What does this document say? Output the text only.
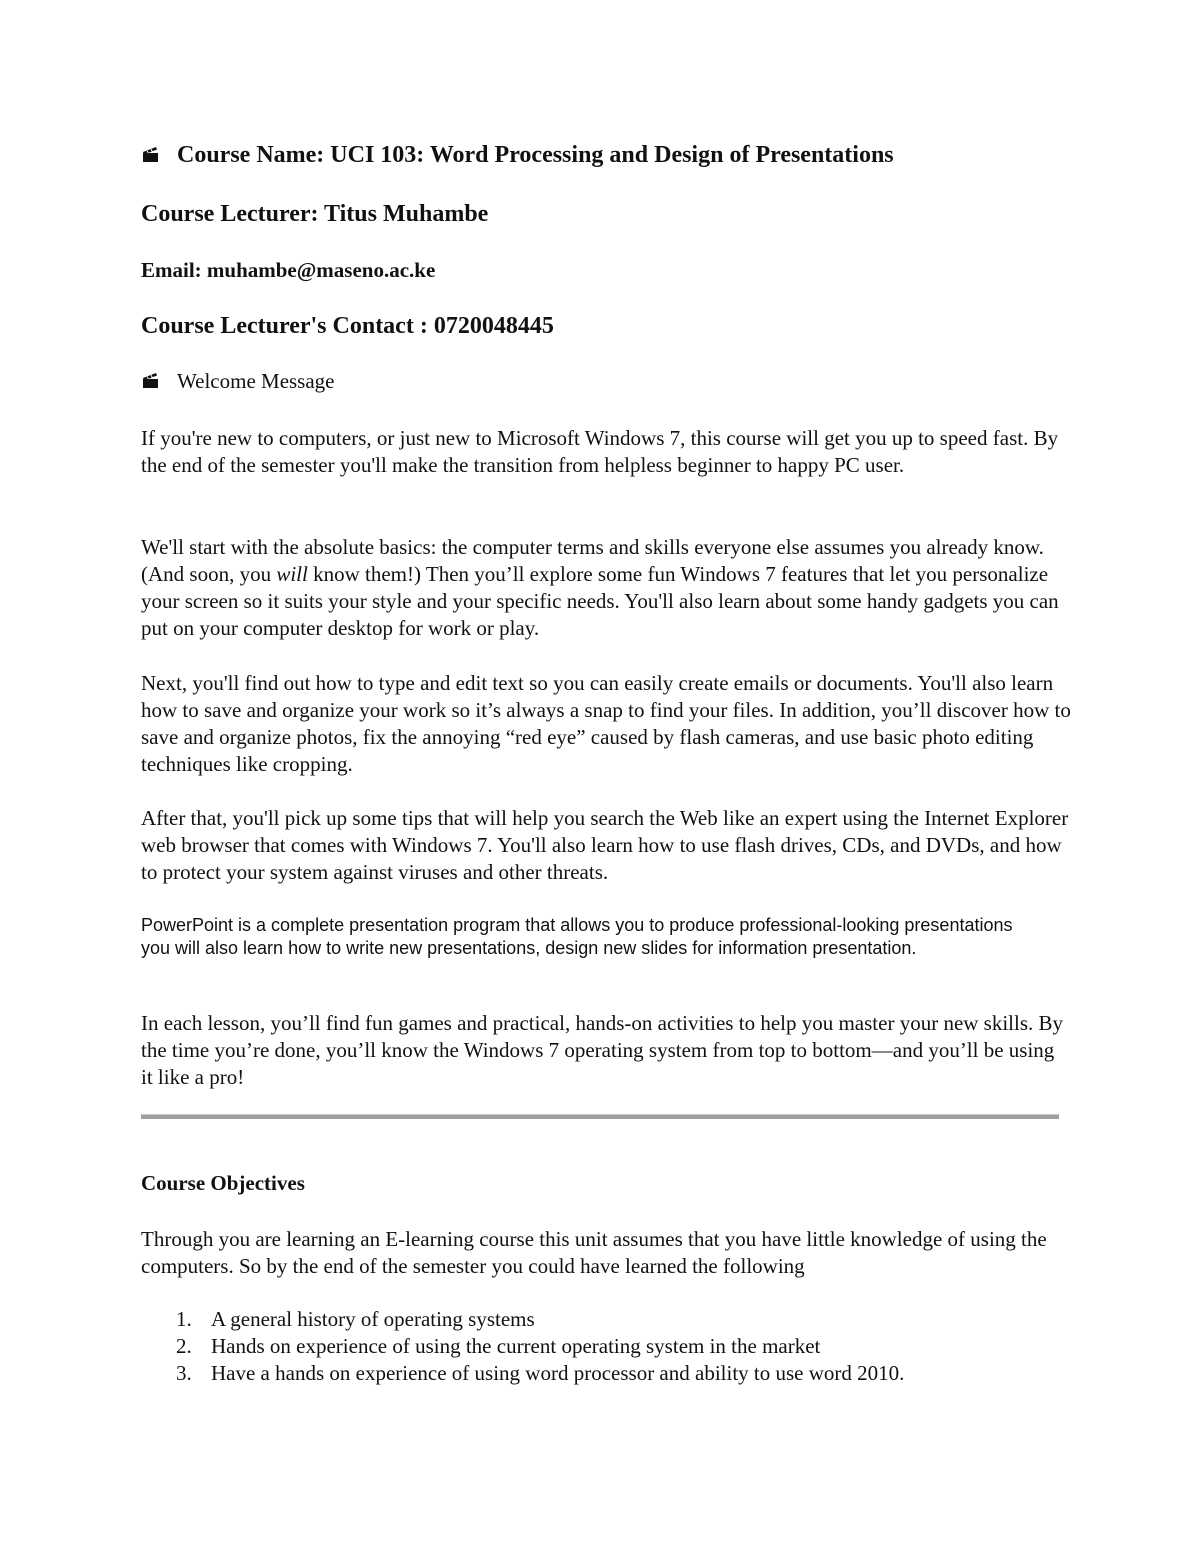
Course Name: UCI 103: Word Processing and Design of Presentations
Course Lecturer: Titus Muhambe
Email: muhambe@maseno.ac.ke
Course Lecturer's Contact : 0720048445
Welcome Message
If you're new to computers, or just new to Microsoft Windows 7, this course will get you up to speed fast. By the end of the semester you'll make the transition from helpless beginner to happy PC user.
We'll start with the absolute basics: the computer terms and skills everyone else assumes you already know. (And soon, you will know them!) Then you’ll explore some fun Windows 7 features that let you personalize your screen so it suits your style and your specific needs. You'll also learn about some handy gadgets you can put on your computer desktop for work or play.
Next, you'll find out how to type and edit text so you can easily create emails or documents. You'll also learn how to save and organize your work so it’s always a snap to find your files. In addition, you’ll discover how to save and organize photos, fix the annoying “red eye” caused by flash cameras, and use basic photo editing techniques like cropping.
After that, you'll pick up some tips that will help you search the Web like an expert using the Internet Explorer web browser that comes with Windows 7. You'll also learn how to use flash drives, CDs, and DVDs, and how to protect your system against viruses and other threats.
PowerPoint is a complete presentation program that allows you to produce professional-looking presentations you will also learn how to write new presentations, design new slides for information presentation.
In each lesson, you’ll find fun games and practical, hands-on activities to help you master your new skills. By the time you’re done, you’ll know the Windows 7 operating system from top to bottom—and you’ll be using it like a pro!
Course Objectives
Through you are learning an E-learning course this unit assumes that you have little knowledge of using the computers. So by the end of the semester you could have learned the following
1. A general history of operating systems
2. Hands on experience of using the current operating system in the market
3. Have a hands on experience of using word processor and ability to use word 2010.
